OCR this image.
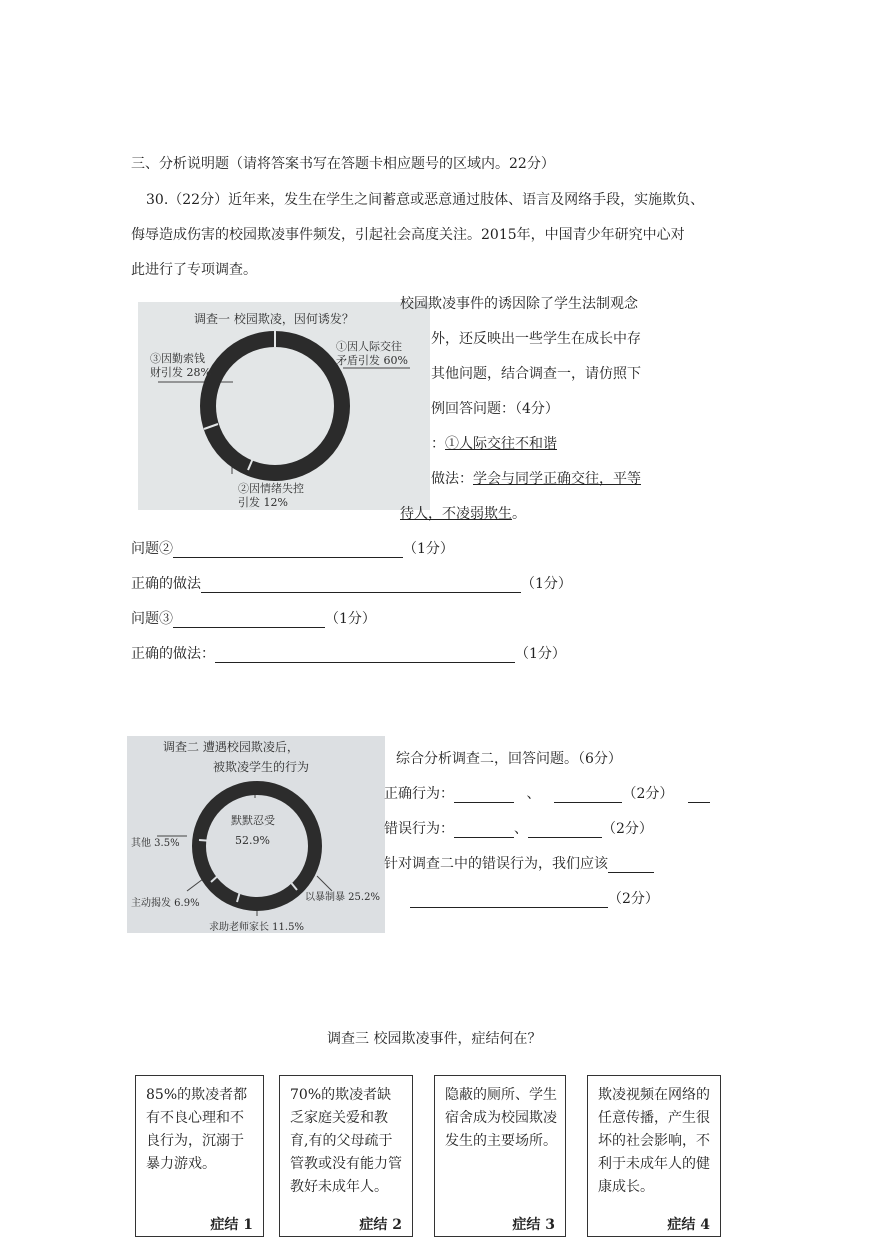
三、分析说明题（请将答案书写在答题卡相应题号的区域内。22分）
30.（22分）近年来，发生在学生之间蓄意或恶意通过肢体、语言及网络手段，实施欺负、
侮辱造成伤害的校园欺凌事件频发，引起社会高度关注。2015年，中国青少年研究中心对
此进行了专项调查。
调查一 校园欺凌，因何诱发？
①因人际交往
矛盾引发 60%
③因勤索钱
财引发 28%
②因情绪失控
引发 12%
校园欺凌事件的诱因除了学生法制观念
外，还反映出一些学生在成长中存
其他问题，结合调查一，请仿照下
例回答问题：（4分）
：①人际交往不和谐
做法：学会与同学正确交往，平等
待人，不凌弱欺生。
问题②	（1分）
正确的做法	（1分）
问题③	（1分）
正确的做法：	（1分）
调查二 遭遇校园欺凌后，
被欺凌学生的行为
默默忍受
52.9%
其他 3.5%
主动揭发 6.9%
求助老师家长 11.5%
以暴制暴 25.2%
综合分析调查二，回答问题。（6分）
正确行为：	、	（2分）
错误行为：	、	（2分）
针对调查二中的错误行为，我们应该
（2分）
调查三 校园欺凌事件，症结何在？
85%的欺凌者都有不良心理和不良行为，沉溺于暴力游戏。
症结 1
70%的欺凌者缺乏家庭关爱和教育,有的父母疏于管教或没有能力管教好未成年人。
症结 2
隐蔽的厕所、学生宿舍成为校园欺凌发生的主要场所。
症结 3
欺凌视频在网络的任意传播，产生很坏的社会影响，不利于未成年人的健康成长。
症结 4
